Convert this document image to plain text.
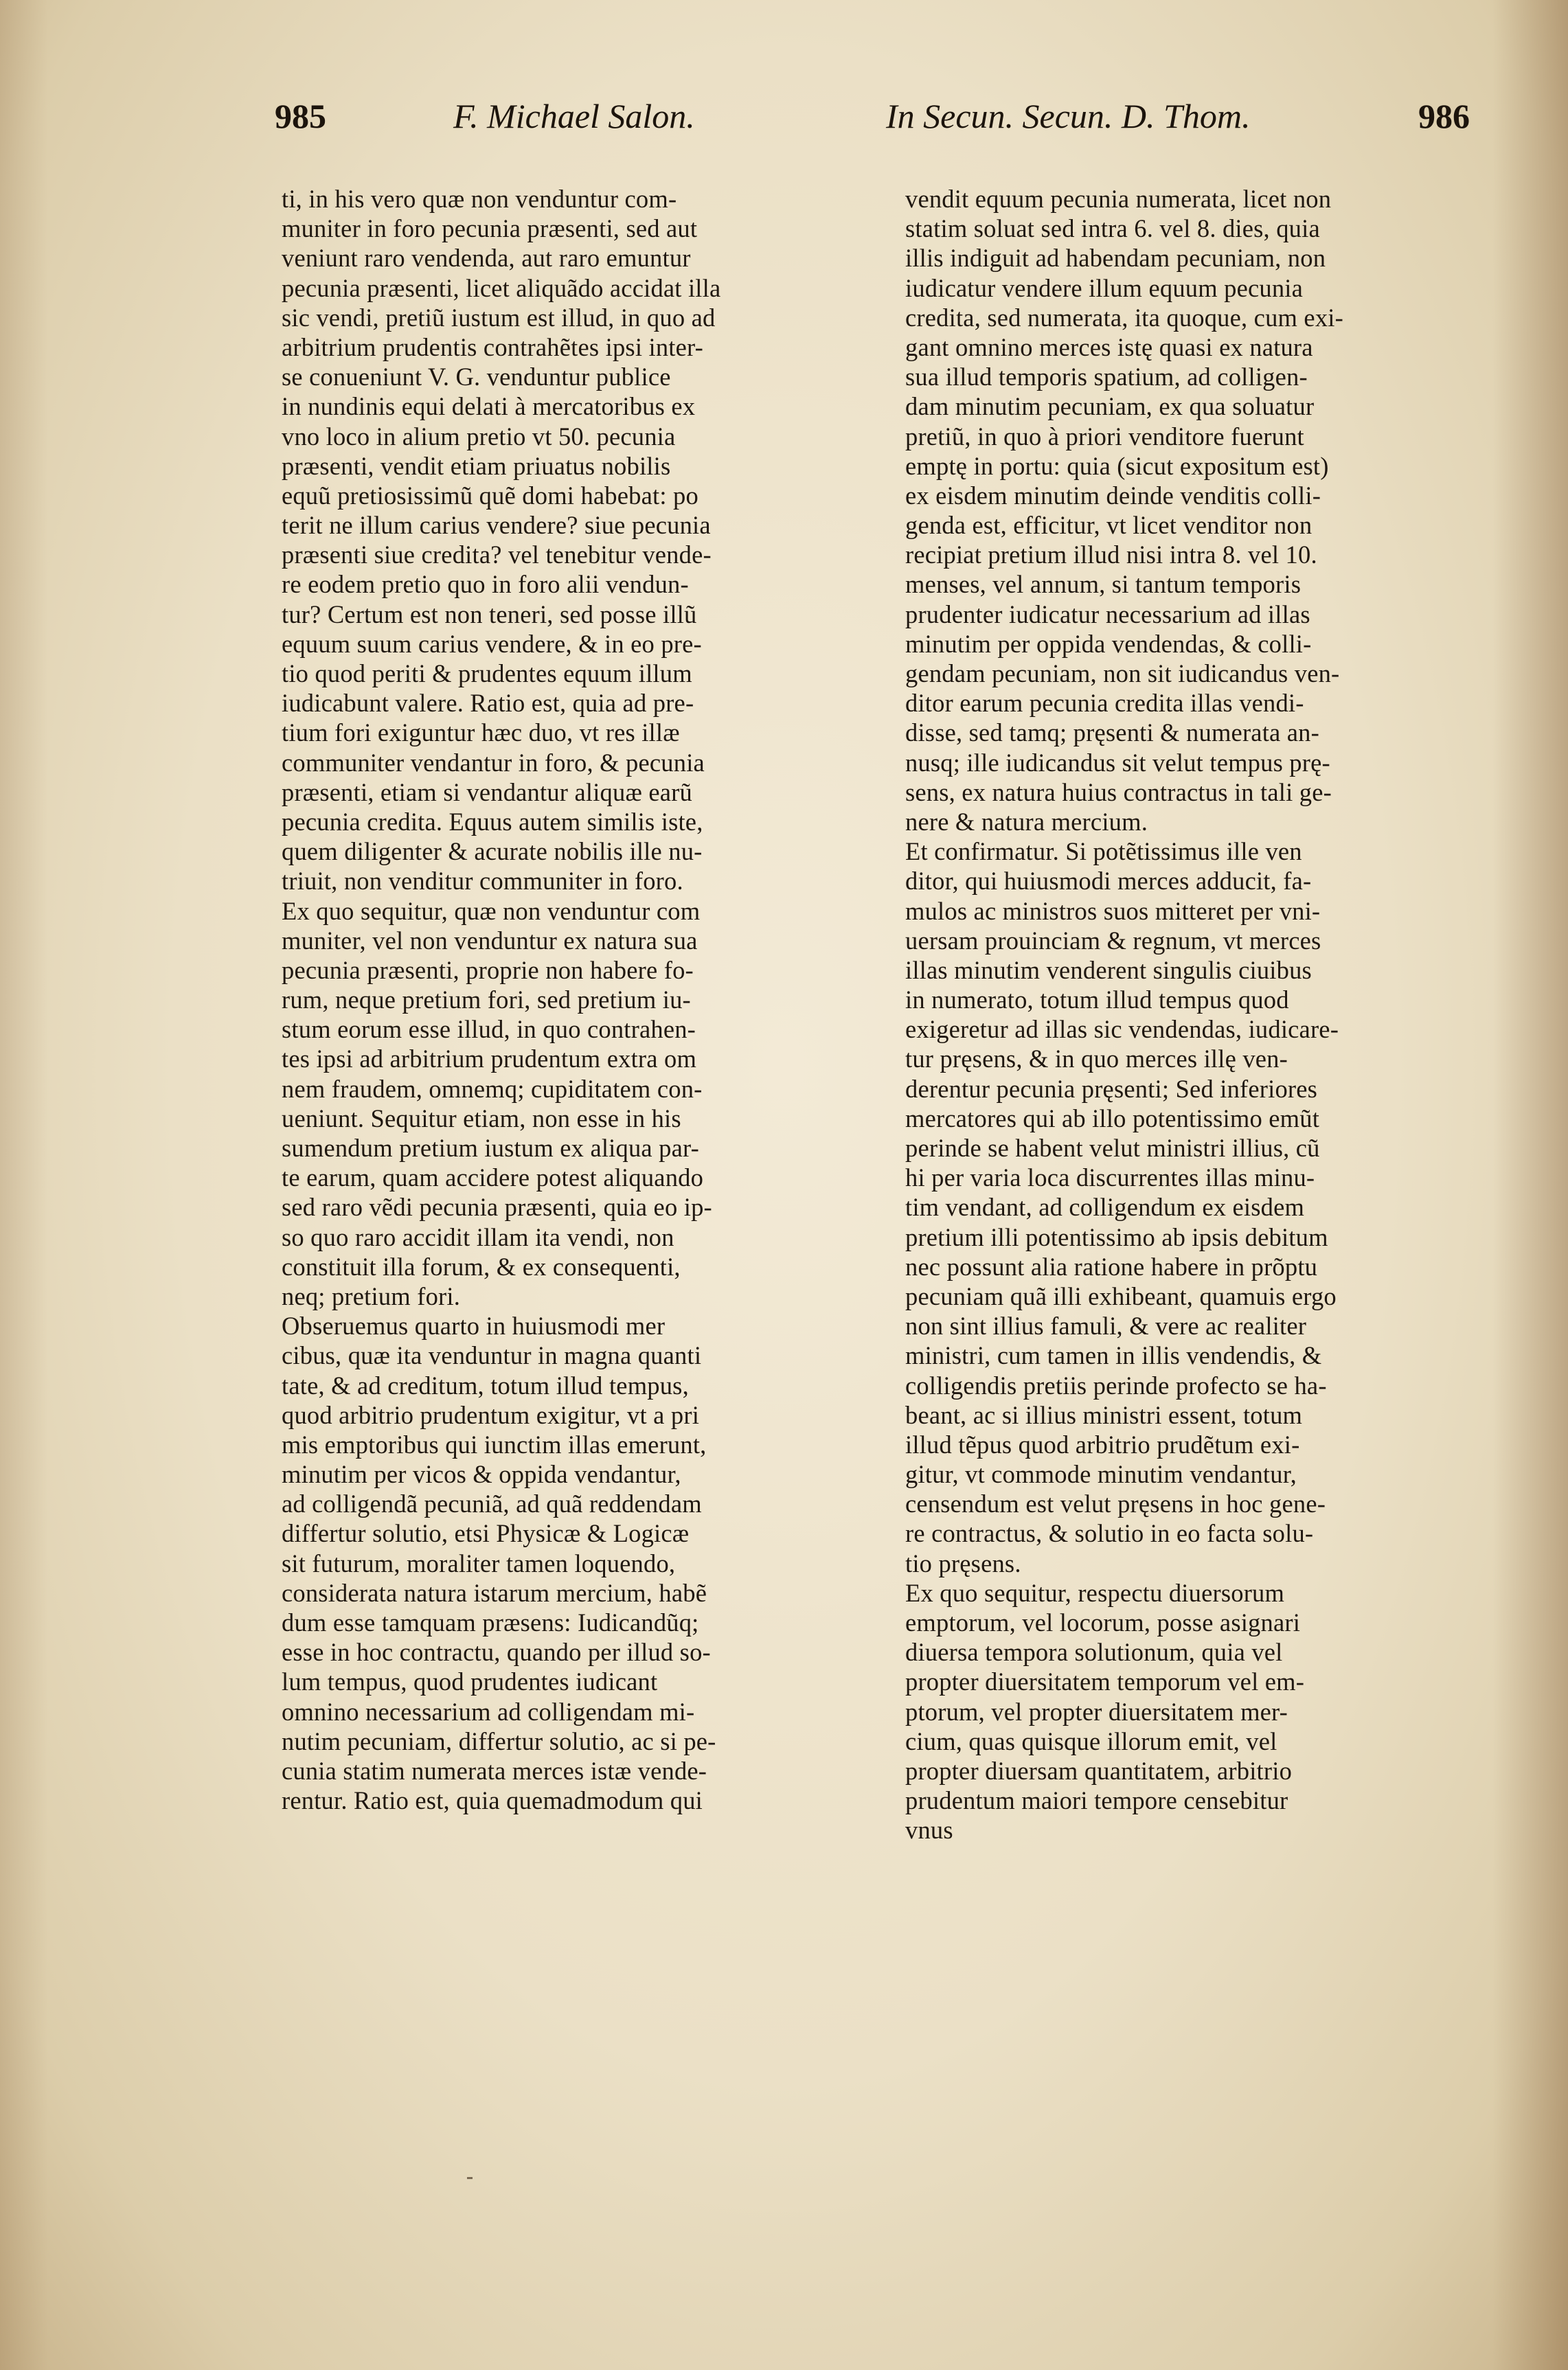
985	F. Michael Salon.	In Secun. Secun. D. Thom.	986
ti, in his vero quæ non venduntur com-
muniter in foro pecunia præsenti, sed aut
veniunt raro vendenda, aut raro emuntur
pecunia præsenti, licet aliquãdo accidat illa
sic vendi, pretiũ iustum est illud, in quo ad
arbitrium prudentis contrahẽtes ipsi inter-
se conueniunt V. G. venduntur publice
in nundinis equi delati à mercatoribus ex
vno loco in alium pretio vt 50. pecunia
præsenti, vendit etiam priuatus nobilis
equũ pretiosissimũ quẽ domi habebat: po
terit ne illum carius vendere? siue pecunia
præsenti siue credita? vel tenebitur vende-
re eodem pretio quo in foro alii vendun-
tur? Certum est non teneri, sed posse illũ
equum suum carius vendere, & in eo pre-
tio quod periti & prudentes equum illum
iudicabunt valere. Ratio est, quia ad pre-
tium fori exiguntur hæc duo, vt res illæ
communiter vendantur in foro, & pecunia
præsenti, etiam si vendantur aliquæ earũ
pecunia credita. Equus autem similis iste,
quem diligenter & acurate nobilis ille nu-
triuit, non venditur communiter in foro.
Ex quo sequitur, quæ non venduntur com
muniter, vel non venduntur ex natura sua
pecunia præsenti, proprie non habere fo-
rum, neque pretium fori, sed pretium iu-
stum eorum esse illud, in quo contrahen-
tes ipsi ad arbitrium prudentum extra om
nem fraudem, omnemq; cupiditatem con-
ueniunt. Sequitur etiam, non esse in his
sumendum pretium iustum ex aliqua par-
te earum, quam accidere potest aliquando
sed raro vẽdi pecunia præsenti, quia eo ip-
so quo raro accidit illam ita vendi, non
constituit illa forum, & ex consequenti,
neq; pretium fori.
Obseruemus quarto in huiusmodi mer
cibus, quæ ita venduntur in magna quanti
tate, & ad creditum, totum illud tempus,
quod arbitrio prudentum exigitur, vt a pri
mis emptoribus qui iunctim illas emerunt,
minutim per vicos & oppida vendantur,
ad colligendã pecuniã, ad quã reddendam
differtur solutio, etsi Physicæ & Logicæ
sit futurum, moraliter tamen loquendo,
considerata natura istarum mercium, habẽ
dum esse tamquam præsens: Iudicandũq;
esse in hoc contractu, quando per illud so-
lum tempus, quod prudentes iudicant
omnino necessarium ad colligendam mi-
nutim pecuniam, differtur solutio, ac si pe-
cunia statim numerata merces istæ vende-
rentur. Ratio est, quia quemadmodum qui
vendit equum pecunia numerata, licet non
statim soluat sed intra 6. vel 8. dies, quia
illis indiguit ad habendam pecuniam, non
iudicatur vendere illum equum pecunia
credita, sed numerata, ita quoque, cum exi-
gant omnino merces istę quasi ex natura
sua illud temporis spatium, ad colligen-
dam minutim pecuniam, ex qua soluatur
pretiũ, in quo à priori venditore fuerunt
emptę in portu: quia (sicut expositum est)
ex eisdem minutim deinde venditis colli-
genda est, efficitur, vt licet venditor non
recipiat pretium illud nisi intra 8. vel 10.
menses, vel annum, si tantum temporis
prudenter iudicatur necessarium ad illas
minutim per oppida vendendas, & colli-
gendam pecuniam, non sit iudicandus ven-
ditor earum pecunia credita illas vendi-
disse, sed tamq; pręsenti & numerata an-
nusq; ille iudicandus sit velut tempus prę-
sens, ex natura huius contractus in tali ge-
nere & natura mercium.
Et confirmatur. Si potẽtissimus ille ven
ditor, qui huiusmodi merces adducit, fa-
mulos ac ministros suos mitteret per vni-
uersam prouinciam & regnum, vt merces
illas minutim venderent singulis ciuibus
in numerato, totum illud tempus quod
exigeretur ad illas sic vendendas, iudicare-
tur pręsens, & in quo merces illę ven-
derentur pecunia pręsenti; Sed inferiores
mercatores qui ab illo potentissimo emũt
perinde se habent velut ministri illius, cũ
hi per varia loca discurrentes illas minu-
tim vendant, ad colligendum ex eisdem
pretium illi potentissimo ab ipsis debitum
nec possunt alia ratione habere in prõptu
pecuniam quã illi exhibeant, quamuis ergo
non sint illius famuli, & vere ac realiter
ministri, cum tamen in illis vendendis, &
colligendis pretiis perinde profecto se ha-
beant, ac si illius ministri essent, totum
illud tẽpus quod arbitrio prudẽtum exi-
gitur, vt commode minutim vendantur,
censendum est velut pręsens in hoc gene-
re contractus, & solutio in eo facta solu-
tio pręsens.
Ex quo sequitur, respectu diuersorum
emptorum, vel locorum, posse asignari
diuersa tempora solutionum, quia vel
propter diuersitatem temporum vel em-
ptorum, vel propter diuersitatem mer-
cium, quas quisque illorum emit, vel
propter diuersam quantitatem, arbitrio
prudentum maiori tempore censebitur
vnus
